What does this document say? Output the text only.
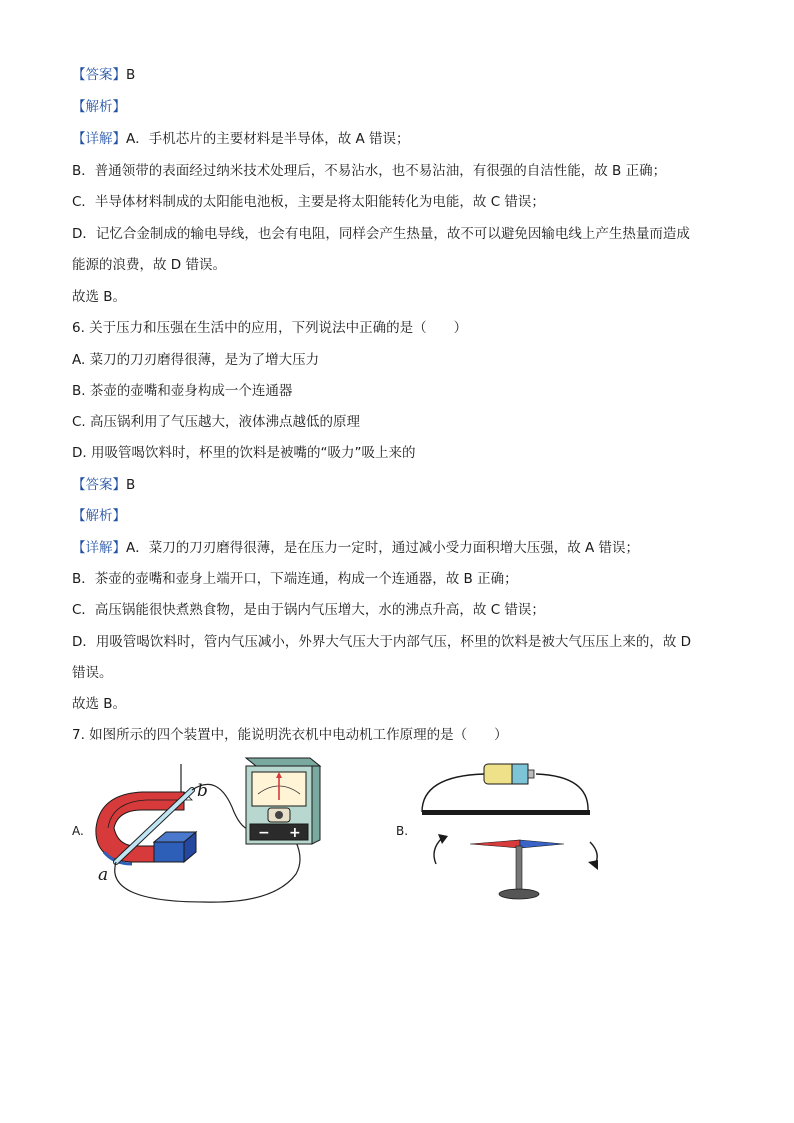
【答案】B
【解析】
【详解】A．手机芯片的主要材料是半导体，故 A 错误；
B．普通领带的表面经过纳米技术处理后，不易沾水，也不易沾油，有很强的自洁性能，故 B 正确；
C．半导体材料制成的太阳能电池板，主要是将太阳能转化为电能，故 C 错误；
D．记忆合金制成的输电导线，也会有电阻，同样会产生热量，故不可以避免因输电线上产生热量而造成
能源的浪费，故 D 错误。
故选 B。
6. 关于压力和压强在生活中的应用，下列说法中正确的是（　　）
A. 菜刀的刀刃磨得很薄，是为了增大压力
B. 茶壶的壶嘴和壶身构成一个连通器
C. 高压锅利用了气压越大，液体沸点越低的原理
D. 用吸管喝饮料时，杯里的饮料是被嘴的“吸力”吸上来的
【答案】B
【解析】
【详解】A．菜刀的刀刃磨得很薄，是在压力一定时，通过减小受力面积增大压强，故 A 错误；
B．茶壶的壶嘴和壶身上端开口，下端连通，构成一个连通器，故 B 正确；
C．高压锅能很快煮熟食物，是由于锅内气压增大，水的沸点升高，故 C 错误；
D．用吸管喝饮料时，管内气压减小，外界大气压大于内部气压，杯里的饮料是被大气压压上来的，故 D
错误。
故选 B。
7. 如图所示的四个装置中，能说明洗衣机中电动机工作原理的是（　　）
A.
a
b
− +	B.
